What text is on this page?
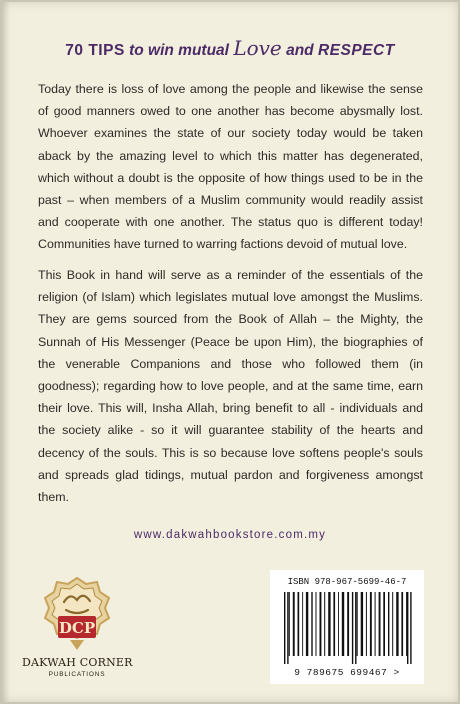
70 TIPS to win mutual Love and RESPECT

Today there is loss of love among the people and likewise the sense of good manners owed to one another has become abysmally lost. Whoever examines the state of our society today would be taken aback by the amazing level to which this matter has degenerated, which without a doubt is the opposite of how things used to be in the past – when members of a Muslim community would readily assist and cooperate with one another. The status quo is different today! Communities have turned to warring factions devoid of mutual love.

This Book in hand will serve as a reminder of the essentials of the religion (of Islam) which legislates mutual love amongst the Muslims. They are gems sourced from the Book of Allah – the Mighty, the Sunnah of His Messenger (Peace be upon Him), the biographies of the venerable Companions and those who followed them (in goodness); regarding how to love people, and at the same time, earn their love. This will, Insha Allah, bring benefit to all - individuals and the society alike - so it will guarantee stability of the hearts and decency of the souls. This is so because love softens people's souls and spreads glad tidings, mutual pardon and forgiveness amongst them.

www.dakwahbookstore.com.my
DCP
DAKWAH CORNER
PUBLICATIONS
ISBN 978-967-5699-46-7
9 789675 699467 >
